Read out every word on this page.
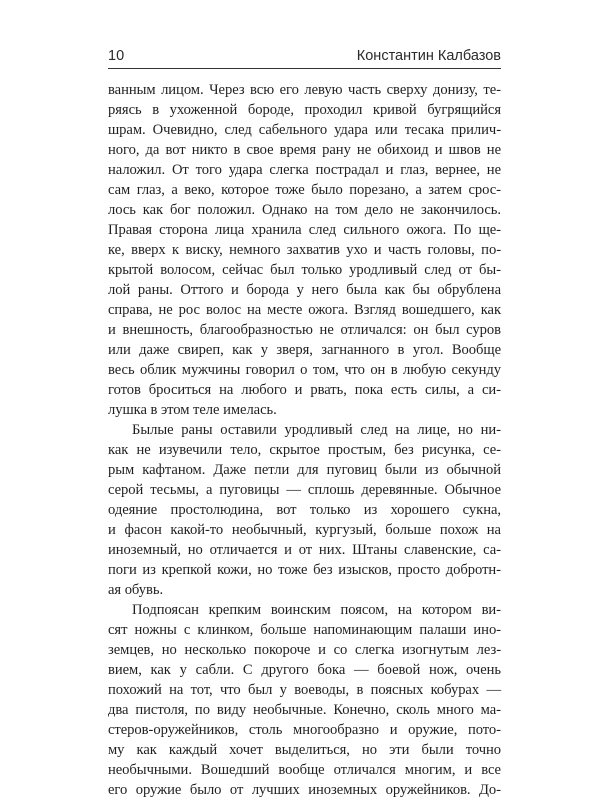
10	Константин Калбазов
ванным лицом. Через всю его левую часть сверху донизу, те-
ряясь в ухоженной бороде, проходил кривой бугрящийся
шрам. Очевидно, след сабельного удара или тесака прилич-
ного, да вот никто в свое время рану не обихоид и швов не
наложил. От того удара слегка пострадал и глаз, вернее, не
сам глаз, а веко, которое тоже было порезано, а затем срос-
лось как бог положил. Однако на том дело не закончилось.
Правая сторона лица хранила след сильного ожога. По ще-
ке, вверх к виску, немного захватив ухо и часть головы, по-
крытой волосом, сейчас был только уродливый след от бы-
лой раны. Оттого и борода у него была как бы обрублена
справа, не рос волос на месте ожога. Взгляд вошедшего, как
и внешность, благообразностью не отличался: он был суров
или даже свиреп, как у зверя, загнанного в угол. Вообще
весь облик мужчины говорил о том, что он в любую секунду
готов броситься на любого и рвать, пока есть силы, а си-
лушка в этом теле имелась.
Былые раны оставили уродливый след на лице, но ни-
как не изувечили тело, скрытое простым, без рисунка, се-
рым кафтаном. Даже петли для пуговиц были из обычной
серой тесьмы, а пуговицы — сплошь деревянные. Обычное
одеяние простолюдина, вот только из хорошего сукна,
и фасон какой-то необычный, кургузый, больше похож на
иноземный, но отличается и от них. Штаны славенские, са-
поги из крепкой кожи, но тоже без изысков, просто добротн-
ая обувь.
Подпоясан крепким воинским поясом, на котором ви-
сят ножны с клинком, больше напоминающим палаши ино-
земцев, но несколько покороче и со слегка изогнутым лез-
вием, как у сабли. С другого бока — боевой нож, очень
похожий на тот, что был у воеводы, в поясных кобурах —
два пистоля, по виду необычные. Конечно, сколь много ма-
стеров-оружейников, столь многообразно и оружие, пото-
му как каждый хочет выделиться, но эти были точно
необычными. Вошедший вообще отличался многим, и все
его оружие было от лучших иноземных оружейников. До-
